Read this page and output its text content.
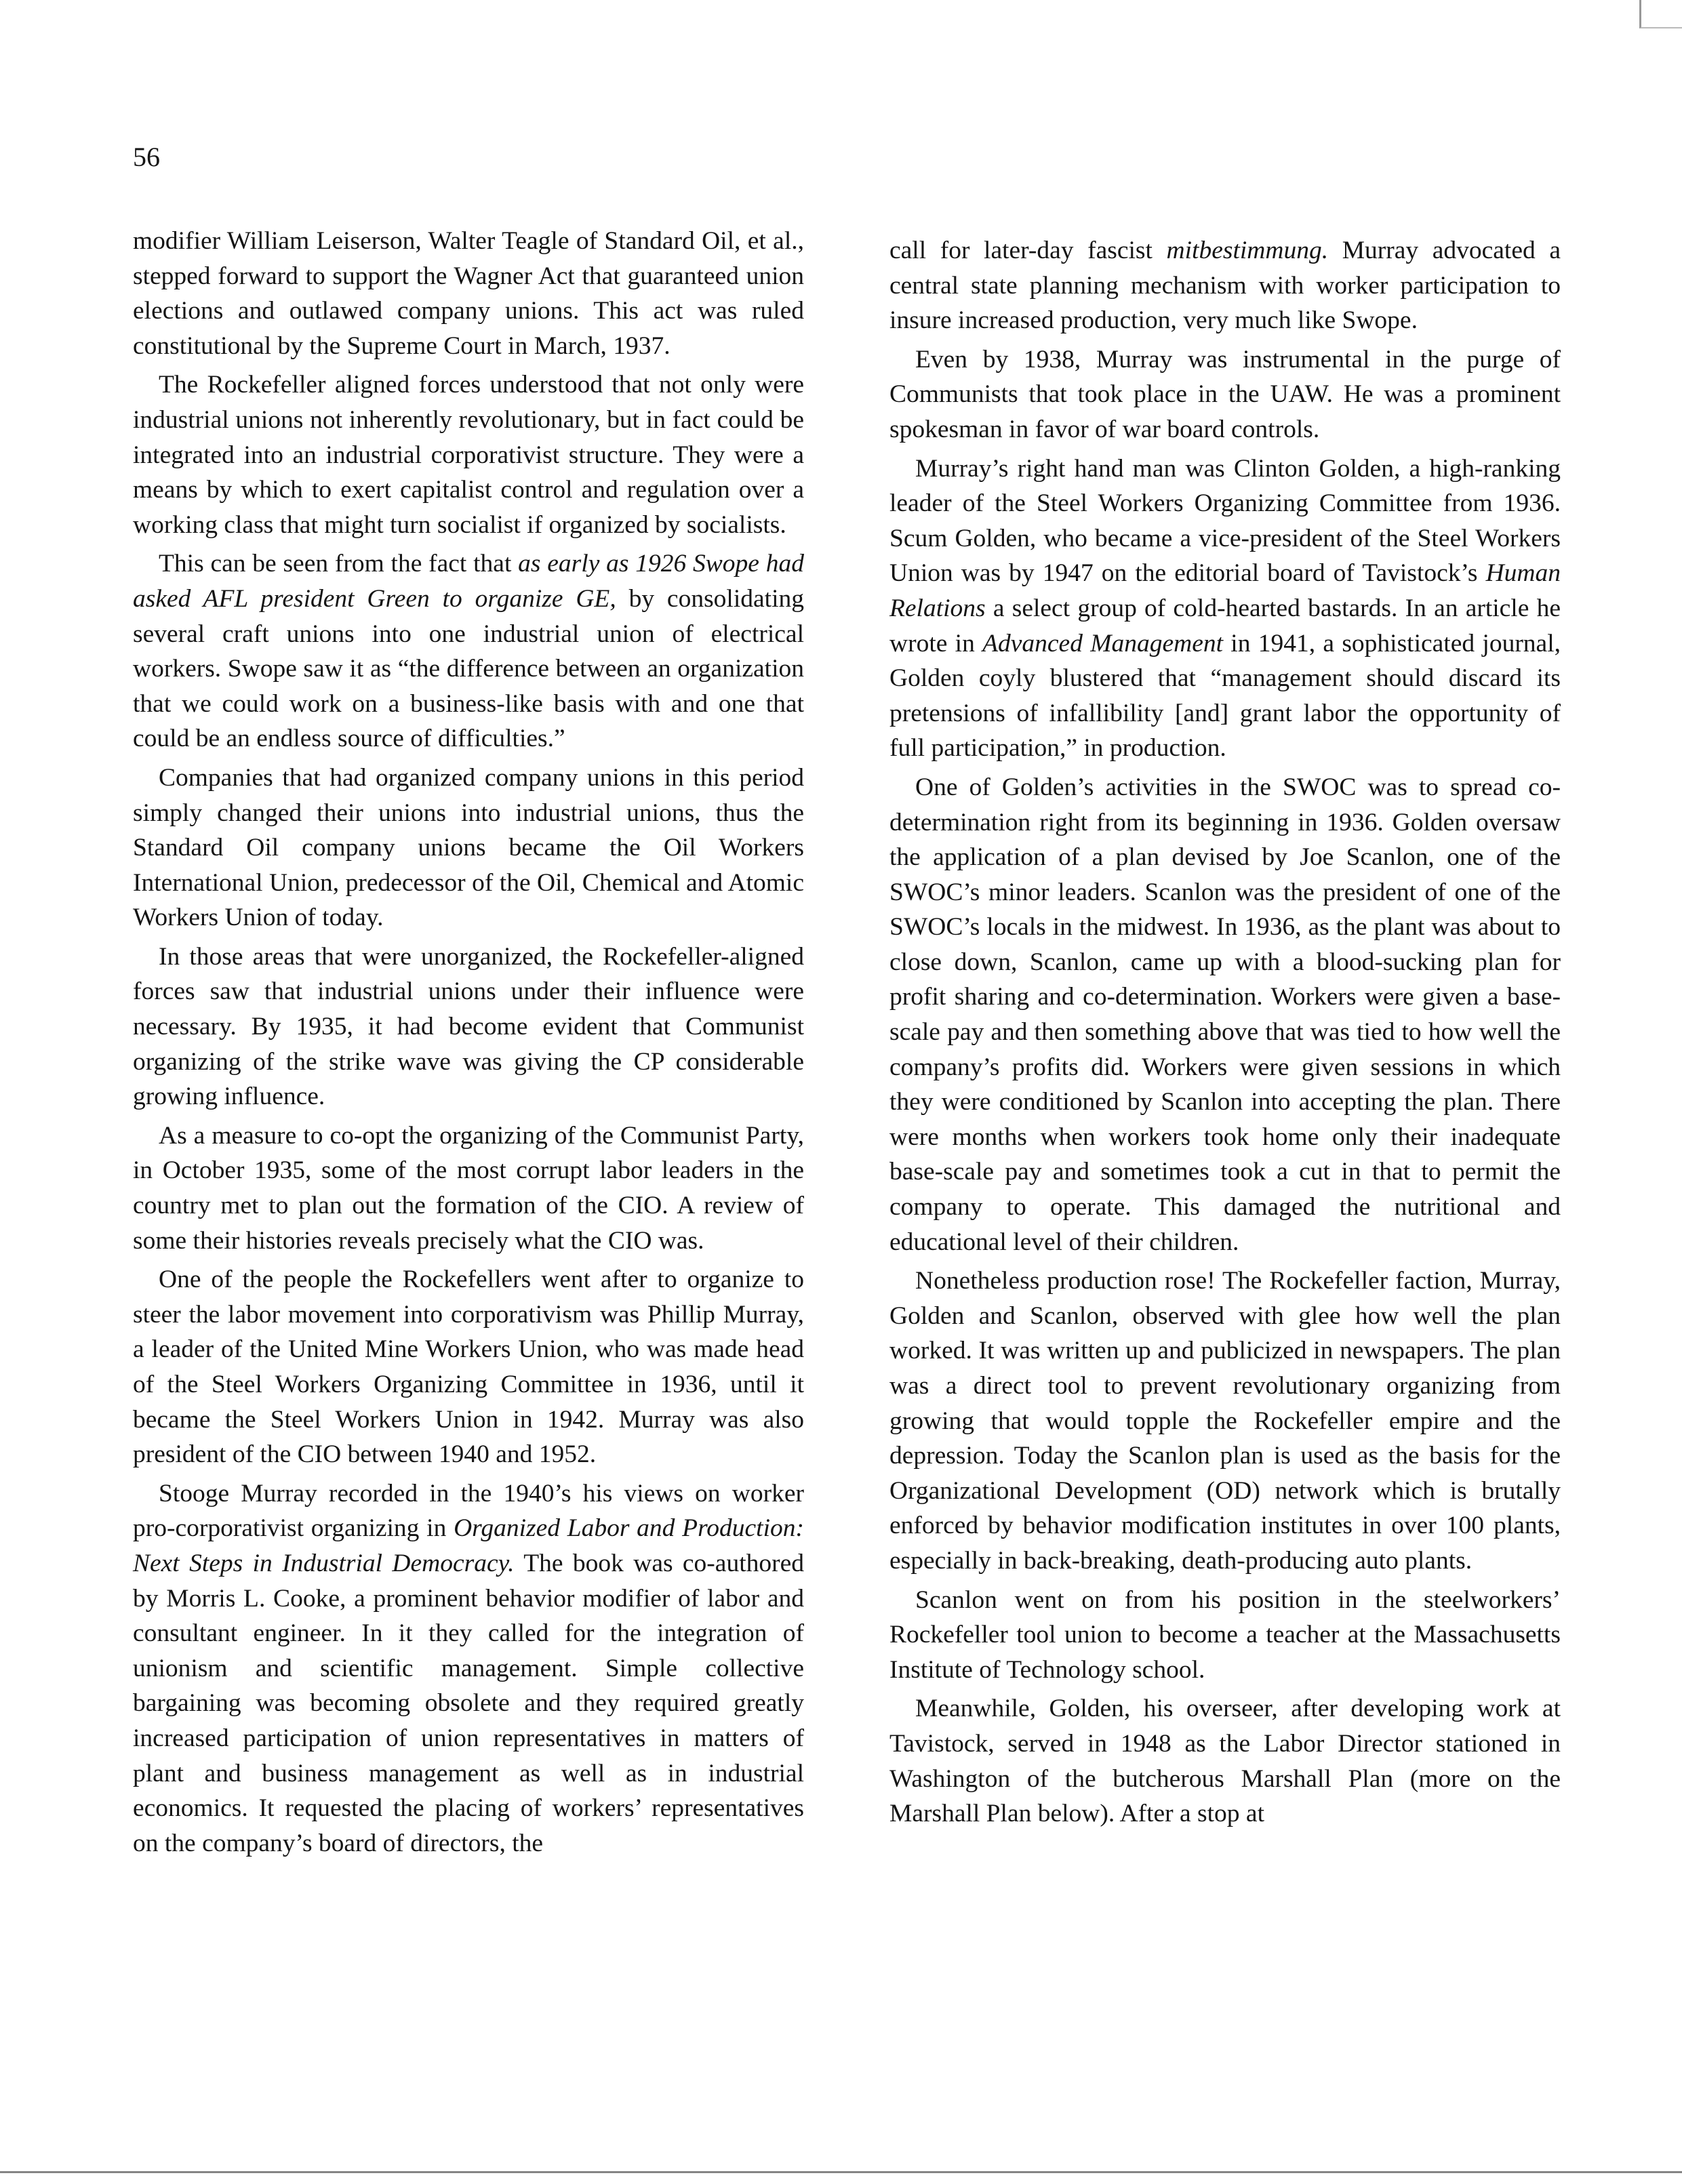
56

modifier William Leiserson, Walter Teagle of Standard Oil, et al., stepped forward to support the Wagner Act that guaranteed union elections and outlawed company unions. This act was ruled constitutional by the Supreme Court in March, 1937.

The Rockefeller aligned forces understood that not only were industrial unions not inherently revolutionary, but in fact could be integrated into an industrial corporativist structure. They were a means by which to exert capitalist control and regulation over a working class that might turn socialist if organized by socialists.

This can be seen from the fact that as early as 1926 Swope had asked AFL president Green to organize GE, by consolidating several craft unions into one industrial union of electrical workers. Swope saw it as “the difference between an organization that we could work on a business-like basis with and one that could be an endless source of difficulties.”

Companies that had organized company unions in this period simply changed their unions into industrial unions, thus the Standard Oil company unions became the Oil Workers International Union, predecessor of the Oil, Chemical and Atomic Workers Union of today.

In those areas that were unorganized, the Rockefeller-aligned forces saw that industrial unions under their influence were necessary. By 1935, it had become evident that Communist organizing of the strike wave was giving the CP considerable growing influence.

As a measure to co-opt the organizing of the Communist Party, in October 1935, some of the most corrupt labor leaders in the country met to plan out the formation of the CIO. A review of some their histories reveals precisely what the CIO was.

One of the people the Rockefellers went after to organize to steer the labor movement into corporativism was Phillip Murray, a leader of the United Mine Workers Union, who was made head of the Steel Workers Organizing Committee in 1936, until it became the Steel Workers Union in 1942. Murray was also president of the CIO between 1940 and 1952.

Stooge Murray recorded in the 1940’s his views on worker pro-corporativist organizing in Organized Labor and Production: Next Steps in Industrial Democracy. The book was co-authored by Morris L. Cooke, a prominent behavior modifier of labor and consultant engineer. In it they called for the integration of unionism and scientific management. Simple collective bargaining was becoming obsolete and they required greatly increased participation of union representatives in matters of plant and business management as well as in industrial economics. It requested the placing of workers’ representatives on the company’s board of directors, the

call for later-day fascist mitbestimmung. Murray advocated a central state planning mechanism with worker participation to insure increased production, very much like Swope.

Even by 1938, Murray was instrumental in the purge of Communists that took place in the UAW. He was a prominent spokesman in favor of war board controls.

Murray’s right hand man was Clinton Golden, a high-ranking leader of the Steel Workers Organizing Committee from 1936. Scum Golden, who became a vice-president of the Steel Workers Union was by 1947 on the editorial board of Tavistock’s Human Relations a select group of cold-hearted bastards. In an article he wrote in Advanced Management in 1941, a sophisticated journal, Golden coyly blustered that “management should discard its pretensions of infallibility [and] grant labor the opportunity of full participation,” in production.

One of Golden’s activities in the SWOC was to spread co-determination right from its beginning in 1936. Golden oversaw the application of a plan devised by Joe Scanlon, one of the SWOC’s minor leaders. Scanlon was the president of one of the SWOC’s locals in the midwest. In 1936, as the plant was about to close down, Scanlon, came up with a blood-sucking plan for profit sharing and co-determination. Workers were given a base-scale pay and then something above that was tied to how well the company’s profits did. Workers were given sessions in which they were conditioned by Scanlon into accepting the plan. There were months when workers took home only their inadequate base-scale pay and sometimes took a cut in that to permit the company to operate. This damaged the nutritional and educational level of their children.

Nonetheless production rose! The Rockefeller faction, Murray, Golden and Scanlon, observed with glee how well the plan worked. It was written up and publicized in newspapers. The plan was a direct tool to prevent revolutionary organizing from growing that would topple the Rockefeller empire and the depression. Today the Scanlon plan is used as the basis for the Organizational Development (OD) network which is brutally enforced by behavior modification institutes in over 100 plants, especially in back-breaking, death-producing auto plants.

Scanlon went on from his position in the steelworkers’ Rockefeller tool union to become a teacher at the Massachusetts Institute of Technology school.

Meanwhile, Golden, his overseer, after developing work at Tavistock, served in 1948 as the Labor Director stationed in Washington of the butcherous Marshall Plan (more on the Marshall Plan below). After a stop at
